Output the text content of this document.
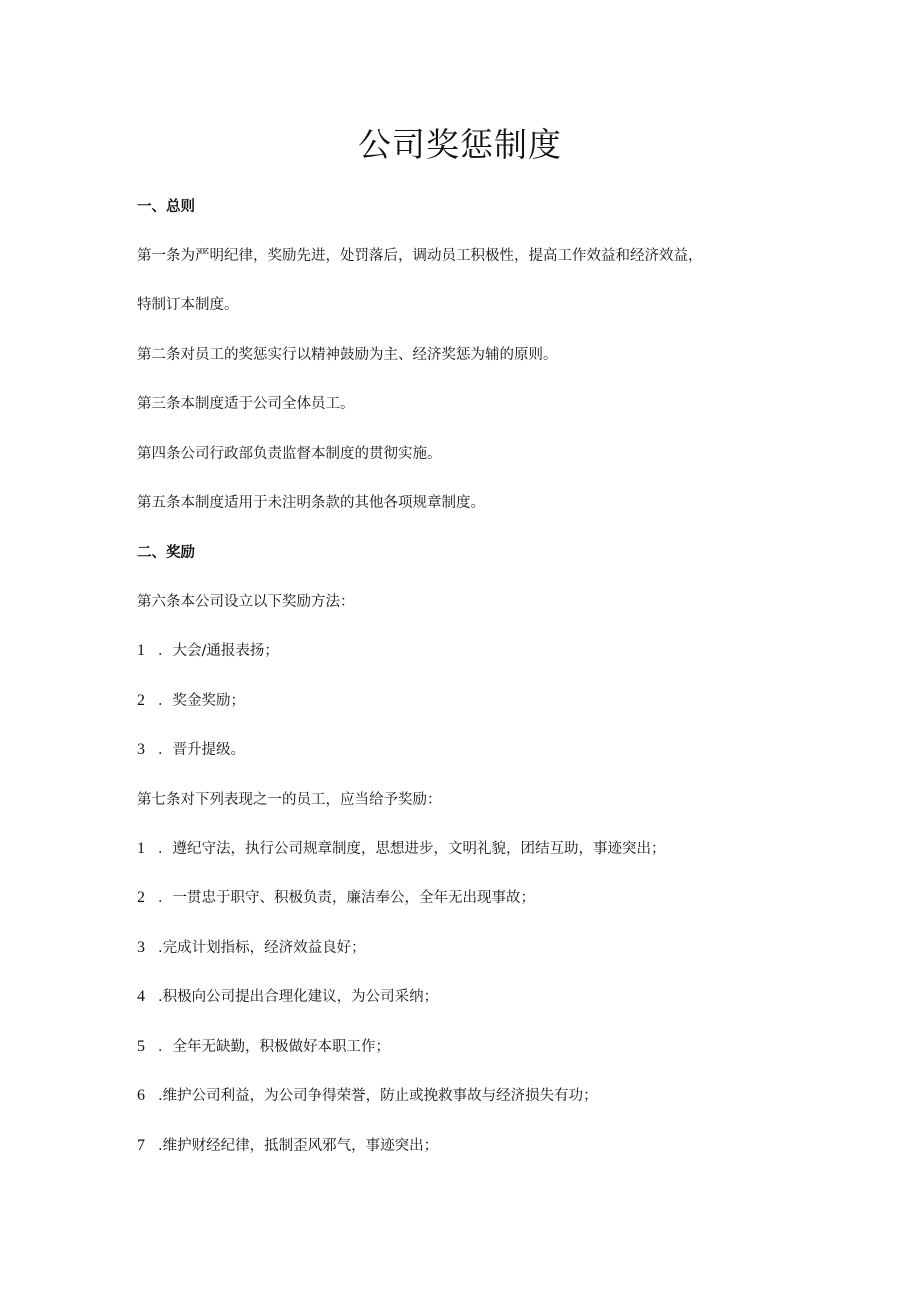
公司奖惩制度

一、总则

第一条为严明纪律，奖励先进，处罚落后，调动员工积极性，提高工作效益和经济效益，

特制订本制度。

第二条对员工的奖惩实行以精神鼓励为主、经济奖惩为辅的原则。

第三条本制度适于公司全体员工。

第四条公司行政部负责监督本制度的贯彻实施。

第五条本制度适用于未注明条款的其他各项规章制度。

二、奖励

第六条本公司设立以下奖励方法：

1 ．大会/通报表扬；

2 ．奖金奖励；

3 ．晋升提级。

第七条对下列表现之一的员工，应当给予奖励：

1 ．遵纪守法，执行公司规章制度，思想进步，文明礼貌，团结互助，事迹突出；

2 ．一贯忠于职守、积极负责，廉洁奉公，全年无出现事故；

3 .完成计划指标，经济效益良好；

4 .积极向公司提出合理化建议，为公司采纳；

5 ．全年无缺勤，积极做好本职工作；

6 .维护公司利益，为公司争得荣誉，防止或挽救事故与经济损失有功；

7 .维护财经纪律，抵制歪风邪气，事迹突出；
